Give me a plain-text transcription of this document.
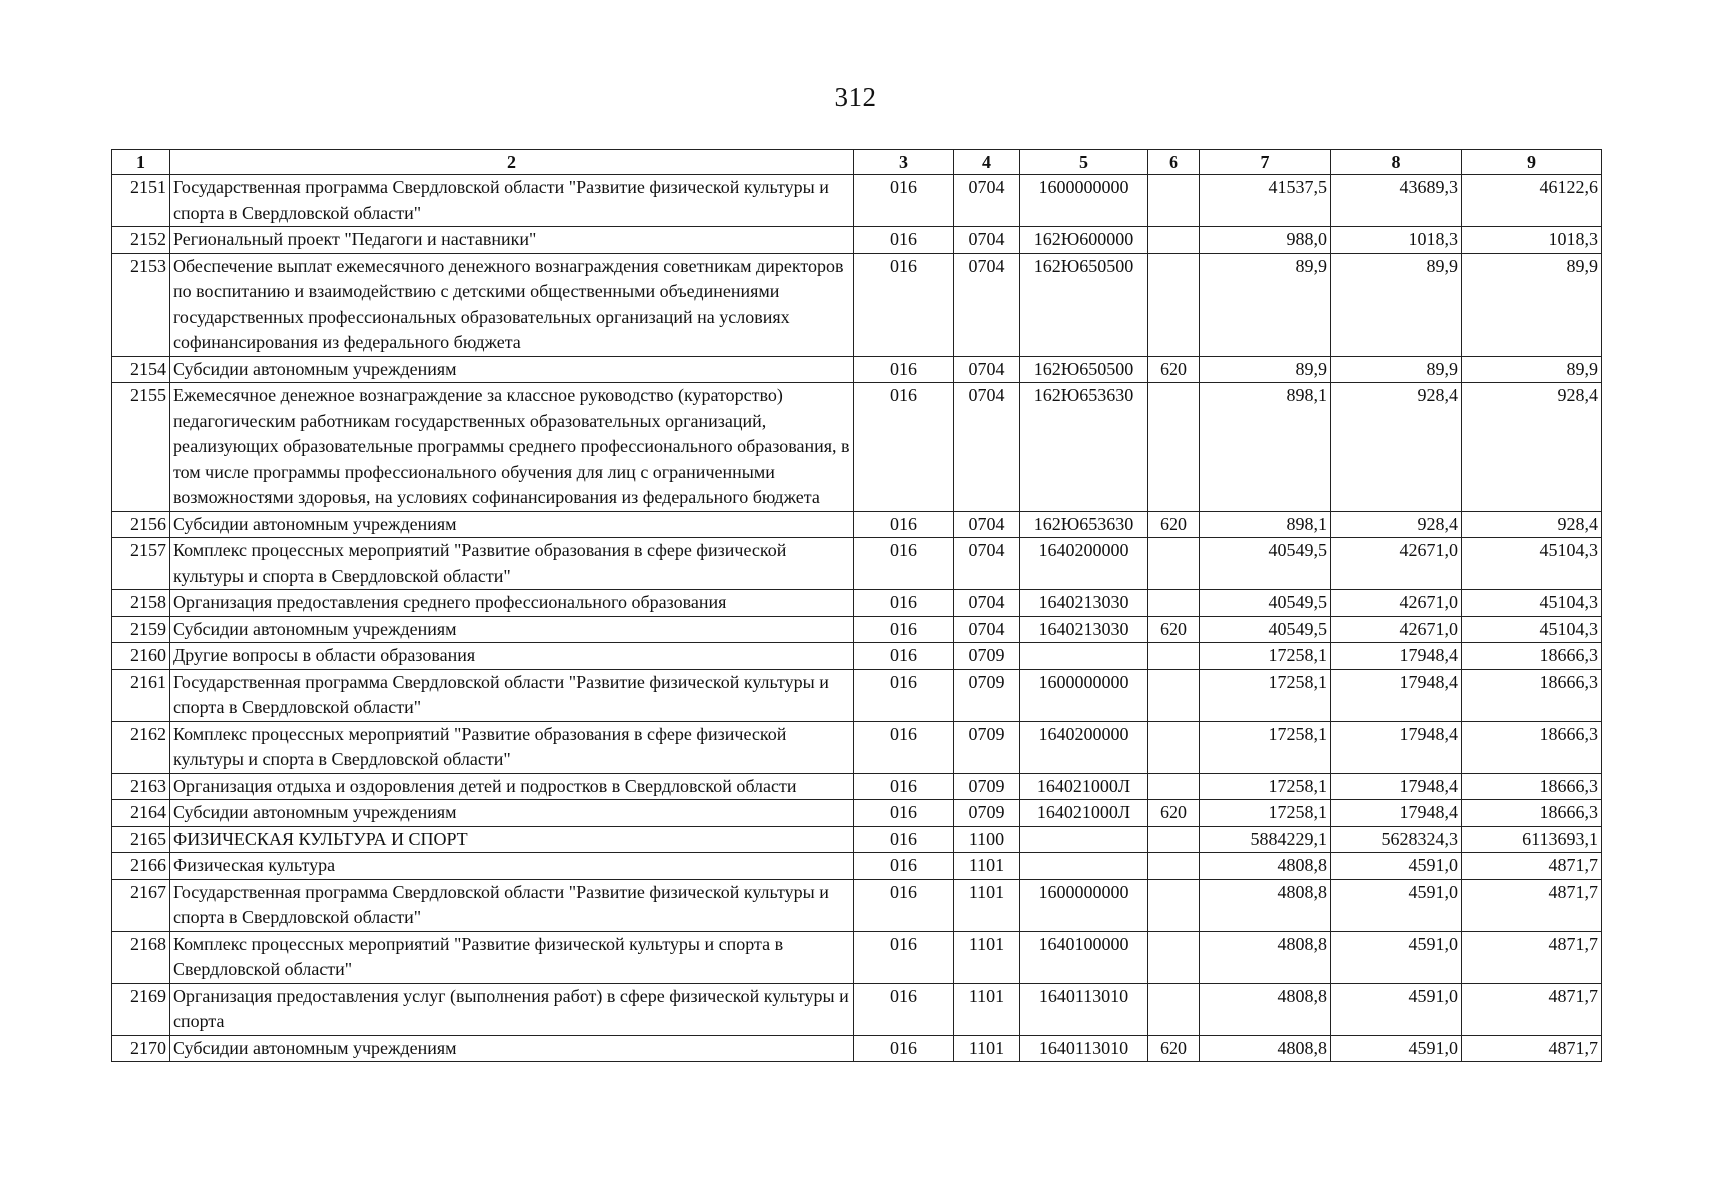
312
1	2	3	4	5	6	7	8	9
2151	Государственная программа Свердловской области "Развитие физической культуры и спорта в Свердловской области"	016	0704	1600000000		41537,5	43689,3	46122,6
2152	Региональный проект "Педагоги и наставники"	016	0704	162Ю600000		988,0	1018,3	1018,3
2153	Обеспечение выплат ежемесячного денежного вознаграждения советникам директоров по воспитанию и взаимодействию с детскими общественными объединениями государственных профессиональных образовательных организаций на условиях софинансирования из федерального бюджета	016	0704	162Ю650500		89,9	89,9	89,9
2154	Субсидии автономным учреждениям	016	0704	162Ю650500	620	89,9	89,9	89,9
2155	Ежемесячное денежное вознаграждение за классное руководство (кураторство) педагогическим работникам государственных образовательных организаций, реализующих образовательные программы среднего профессионального образования, в том числе программы профессионального обучения для лиц с ограниченными возможностями здоровья, на условиях софинансирования из федерального бюджета	016	0704	162Ю653630		898,1	928,4	928,4
2156	Субсидии автономным учреждениям	016	0704	162Ю653630	620	898,1	928,4	928,4
2157	Комплекс процессных мероприятий "Развитие образования в сфере физической культуры и спорта в Свердловской области"	016	0704	1640200000		40549,5	42671,0	45104,3
2158	Организация предоставления среднего профессионального образования	016	0704	1640213030		40549,5	42671,0	45104,3
2159	Субсидии автономным учреждениям	016	0704	1640213030	620	40549,5	42671,0	45104,3
2160	Другие вопросы в области образования	016	0709			17258,1	17948,4	18666,3
2161	Государственная программа Свердловской области "Развитие физической культуры и спорта в Свердловской области"	016	0709	1600000000		17258,1	17948,4	18666,3
2162	Комплекс процессных мероприятий "Развитие образования в сфере физической культуры и спорта в Свердловской области"	016	0709	1640200000		17258,1	17948,4	18666,3
2163	Организация отдыха и оздоровления детей и подростков в Свердловской области	016	0709	164021000Л		17258,1	17948,4	18666,3
2164	Субсидии автономным учреждениям	016	0709	164021000Л	620	17258,1	17948,4	18666,3
2165	ФИЗИЧЕСКАЯ КУЛЬТУРА И СПОРТ	016	1100			5884229,1	5628324,3	6113693,1
2166	Физическая культура	016	1101			4808,8	4591,0	4871,7
2167	Государственная программа Свердловской области "Развитие физической культуры и спорта в Свердловской области"	016	1101	1600000000		4808,8	4591,0	4871,7
2168	Комплекс процессных мероприятий "Развитие физической культуры и спорта в Свердловской области"	016	1101	1640100000		4808,8	4591,0	4871,7
2169	Организация предоставления услуг (выполнения работ) в сфере физической культуры и спорта	016	1101	1640113010		4808,8	4591,0	4871,7
2170	Субсидии автономным учреждениям	016	1101	1640113010	620	4808,8	4591,0	4871,7
